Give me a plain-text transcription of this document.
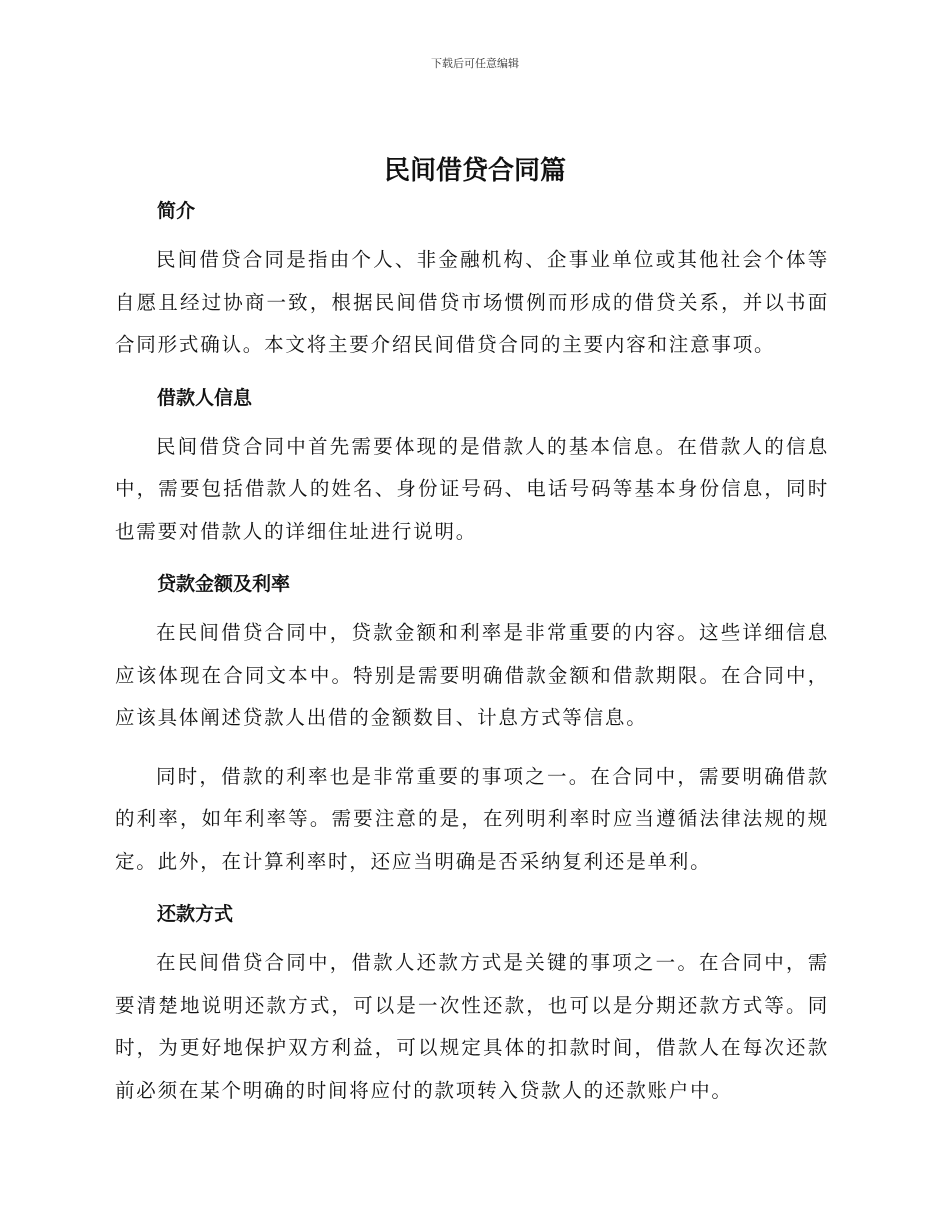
下载后可任意编辑
民间借贷合同篇
简介

民间借贷合同是指由个人、非金融机构、企事业单位或其他社会个体等自愿且经过协商一致，根据民间借贷市场惯例而形成的借贷关系，并以书面合同形式确认。本文将主要介绍民间借贷合同的主要内容和注意事项。

借款人信息

民间借贷合同中首先需要体现的是借款人的基本信息。在借款人的信息中，需要包括借款人的姓名、身份证号码、电话号码等基本身份信息，同时也需要对借款人的详细住址进行说明。

贷款金额及利率

在民间借贷合同中，贷款金额和利率是非常重要的内容。这些详细信息应该体现在合同文本中。特别是需要明确借款金额和借款期限。在合同中，应该具体阐述贷款人出借的金额数目、计息方式等信息。

同时，借款的利率也是非常重要的事项之一。在合同中，需要明确借款的利率，如年利率等。需要注意的是，在列明利率时应当遵循法律法规的规定。此外，在计算利率时，还应当明确是否采纳复利还是单利。

还款方式

在民间借贷合同中，借款人还款方式是关键的事项之一。在合同中，需要清楚地说明还款方式，可以是一次性还款，也可以是分期还款方式等。同时，为更好地保护双方利益，可以规定具体的扣款时间，借款人在每次还款前必须在某个明确的时间将应付的款项转入贷款人的还款账户中。
